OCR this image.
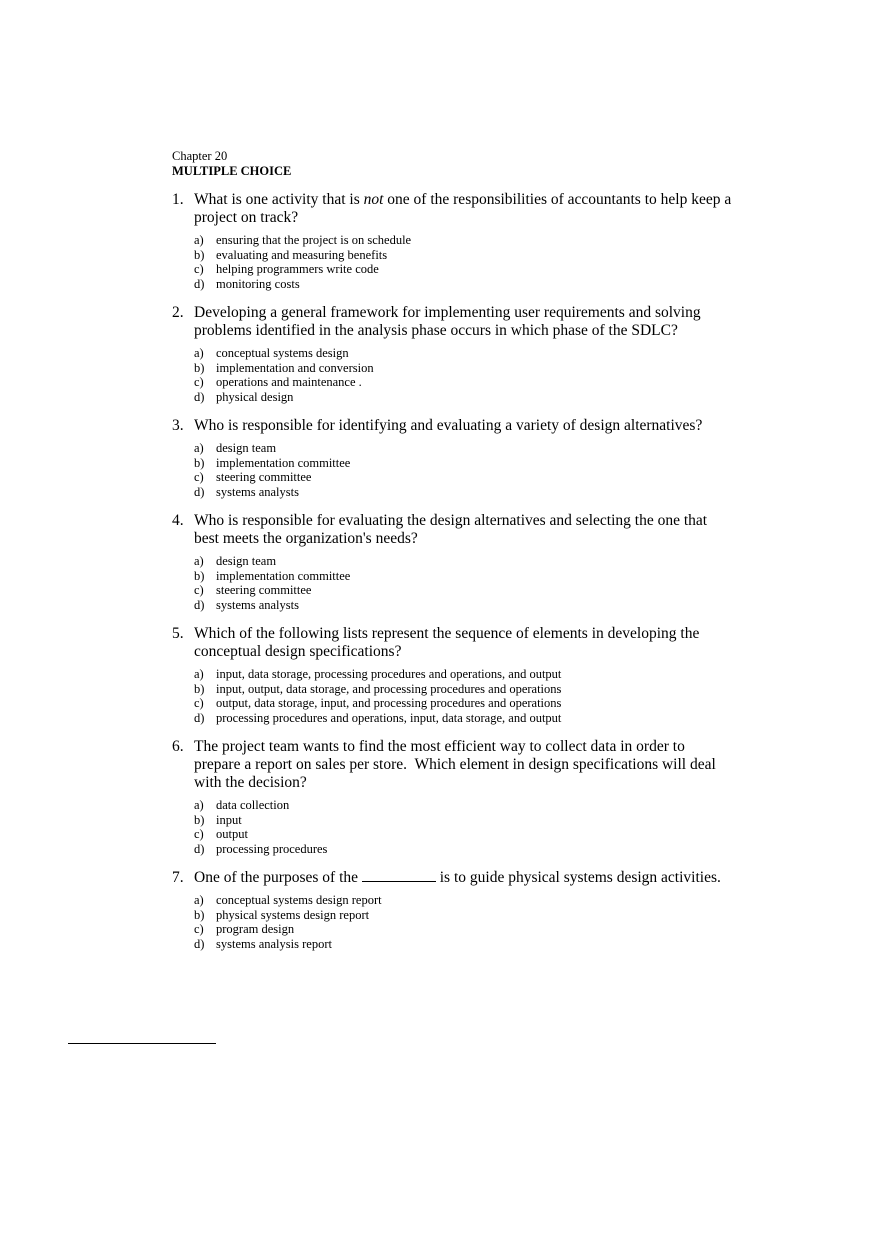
Chapter 20

MULTIPLE CHOICE

1. What is one activity that is not one of the responsibilities of accountants to help keep a project on track?
a) ensuring that the project is on schedule
b) evaluating and measuring benefits
c) helping programmers write code
d) monitoring costs
2. Developing a general framework for implementing user requirements and solving problems identified in the analysis phase occurs in which phase of the SDLC?
a) conceptual systems design
b) implementation and conversion
c) operations and maintenance .
d) physical design
3. Who is responsible for identifying and evaluating a variety of design alternatives?
a) design team
b) implementation committee
c) steering committee
d) systems analysts
4. Who is responsible for evaluating the design alternatives and selecting the one that best meets the organization's needs?
a) design team
b) implementation committee
c) steering committee
d) systems analysts
5. Which of the following lists represent the sequence of elements in developing the conceptual design specifications?
a) input, data storage, processing procedures and operations, and output
b) input, output, data storage, and processing procedures and operations
c) output, data storage, input, and processing procedures and operations
d) processing procedures and operations, input, data storage, and output
6. The project team wants to find the most efficient way to collect data in order to prepare a report on sales per store.  Which element in design specifications will deal with the decision?
a) data collection
b) input
c) output
d) processing procedures
7. One of the purposes of the	is to guide physical systems design activities.
a) conceptual systems design report
b) physical systems design report
c) program design
d) systems analysis report
